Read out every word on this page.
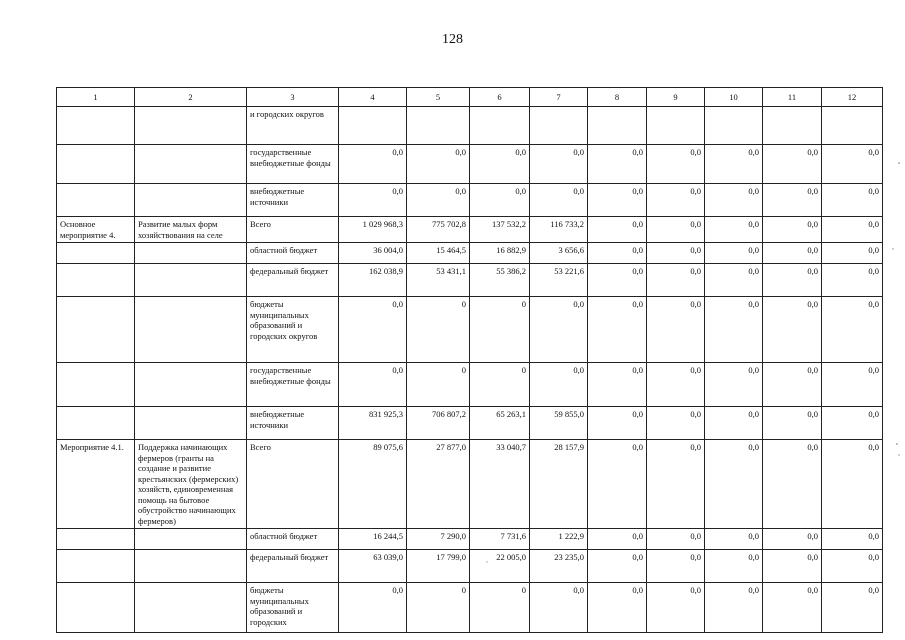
128
1	2	3	4	5	6	7	8	9	10	11	12
		и городских округов									
		государственные внебюджетные фонды	0,0	0,0	0,0	0,0	0,0	0,0	0,0	0,0	0,0
		внебюджетные источники	0,0	0,0	0,0	0,0	0,0	0,0	0,0	0,0	0,0
Основное мероприятие 4.	Развитие малых форм хозяйствования на селе	Всего	1 029 968,3	775 702,8	137 532,2	116 733,2	0,0	0,0	0,0	0,0	0,0
		областной бюджет	36 004,0	15 464,5	16 882,9	3 656,6	0,0	0,0	0,0	0,0	0,0
		федеральный бюджет	162 038,9	53 431,1	55 386,2	53 221,6	0,0	0,0	0,0	0,0	0,0
		бюджеты муниципальных образований и городских округов	0,0	0	0	0,0	0,0	0,0	0,0	0,0	0,0
		государственные внебюджетные фонды	0,0	0	0	0,0	0,0	0,0	0,0	0,0	0,0
		внебюджетные источники	831 925,3	706 807,2	65 263,1	59 855,0	0,0	0,0	0,0	0,0	0,0
Мероприятие 4.1.	Поддержка начинающих фермеров (гранты на создание и развитие крестьянских (фермерских) хозяйств, единовременная помощь на бытовое обустройство начинающих фермеров)	Всего	89 075,6	27 877,0	33 040,7	28 157,9	0,0	0,0	0,0	0,0	0,0
		областной бюджет	16 244,5	7 290,0	7 731,6	1 222,9	0,0	0,0	0,0	0,0	0,0
		федеральный бюджет	63 039,0	17 799,0	22 005,0	23 235,0	0,0	0,0	0,0	0,0	0,0
		бюджеты муниципальных образований и городских	0,0	0	0	0,0	0,0	0,0	0,0	0,0	0,0
